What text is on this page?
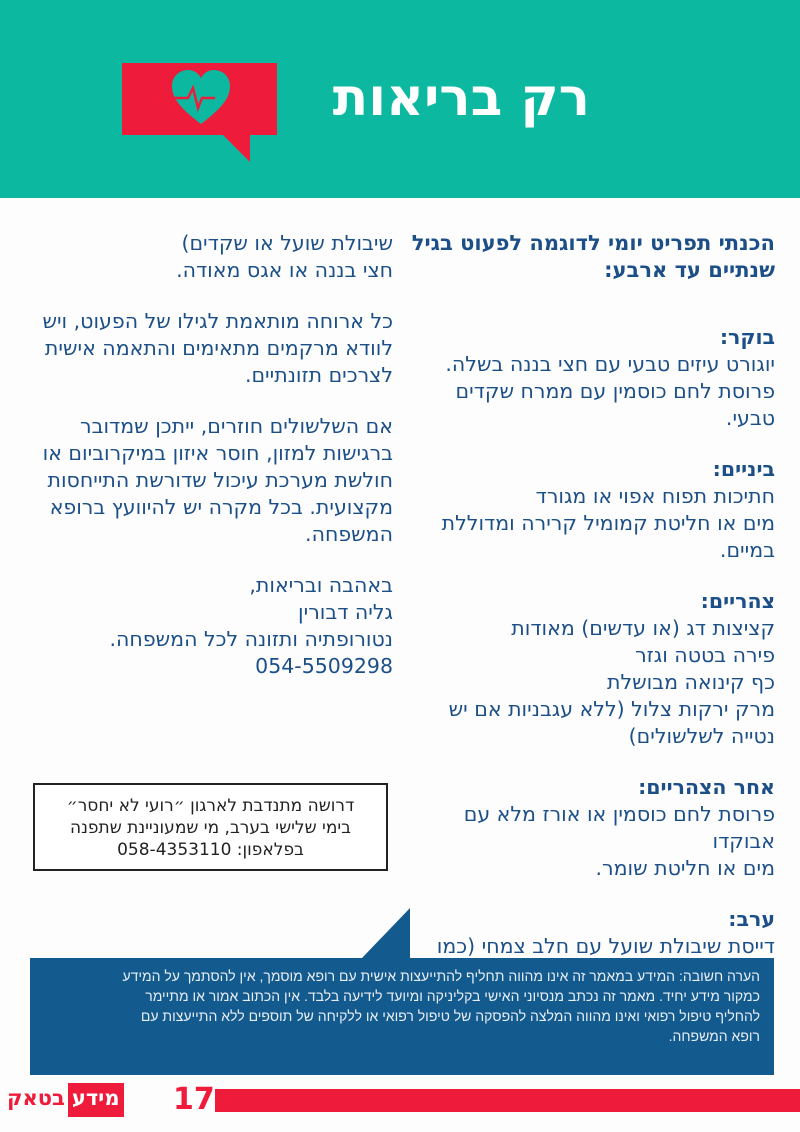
רק בריאות
הכנתי תפריט יומי לדוגמה לפעוט בגיל
שנתיים עד ארבע:
בוקר:
יוגורט עיזים טבעי עם חצי בננה בשלה.
פרוסת לחם כוסמין עם ממרח שקדים
טבעי.
ביניים:
חתיכות תפוח אפוי או מגורד
מים או חליטת קמומיל קרירה ומדוללת
במיים.
צהריים:
קציצות דג (או עדשים) מאודות
פירה בטטה וגזר
כף קינואה מבושלת
מרק ירקות צלול (ללא עגבניות אם יש
נטייה לשלשולים)
אחר הצהריים:
פרוסת לחם כוסמין או אורז מלא עם
אבוקדו
מים או חליטת שומר.
ערב:
דייסת שיבולת שועל עם חלב צמחי (כמו
שיבולת שועל או שקדים)
חצי בננה או אגס מאודה.
כל ארוחה מותאמת לגילו של הפעוט, ויש
לוודא מרקמים מתאימים והתאמה אישית
לצרכים תזונתיים.
אם השלשולים חוזרים, ייתכן שמדובר
ברגישות למזון, חוסר איזון במיקרוביום או
חולשת מערכת עיכול שדורשת התייחסות
מקצועית. בכל מקרה יש להיוועץ ברופא
המשפחה.
באהבה ובריאות,
גליה דבורין
נטורופתיה ותזונה לכל המשפחה.
054-5509298
דרושה מתנדבת לארגון ״רועי לא יחסר״
בימי שלישי בערב, מי שמעוניינת שתפנה
בפלאפון: 058-4353110
הערה חשובה: המידע במאמר זה אינו מהווה תחליף להתייעצות אישית עם רופא מוסמך, אין להסתמך על המידע
כמקור מידע יחיד. מאמר זה נכתב מנסיוני האישי בקליניקה ומיועד לידיעה בלבד. אין הכתוב אמור או מתיימר
להחליף טיפול רפואי ואינו מהווה המלצה להפסקה של טיפול רפואי או ללקיחה של תוספים ללא התייעצות עם
רופא המשפחה.
17
מידע
בטאק
